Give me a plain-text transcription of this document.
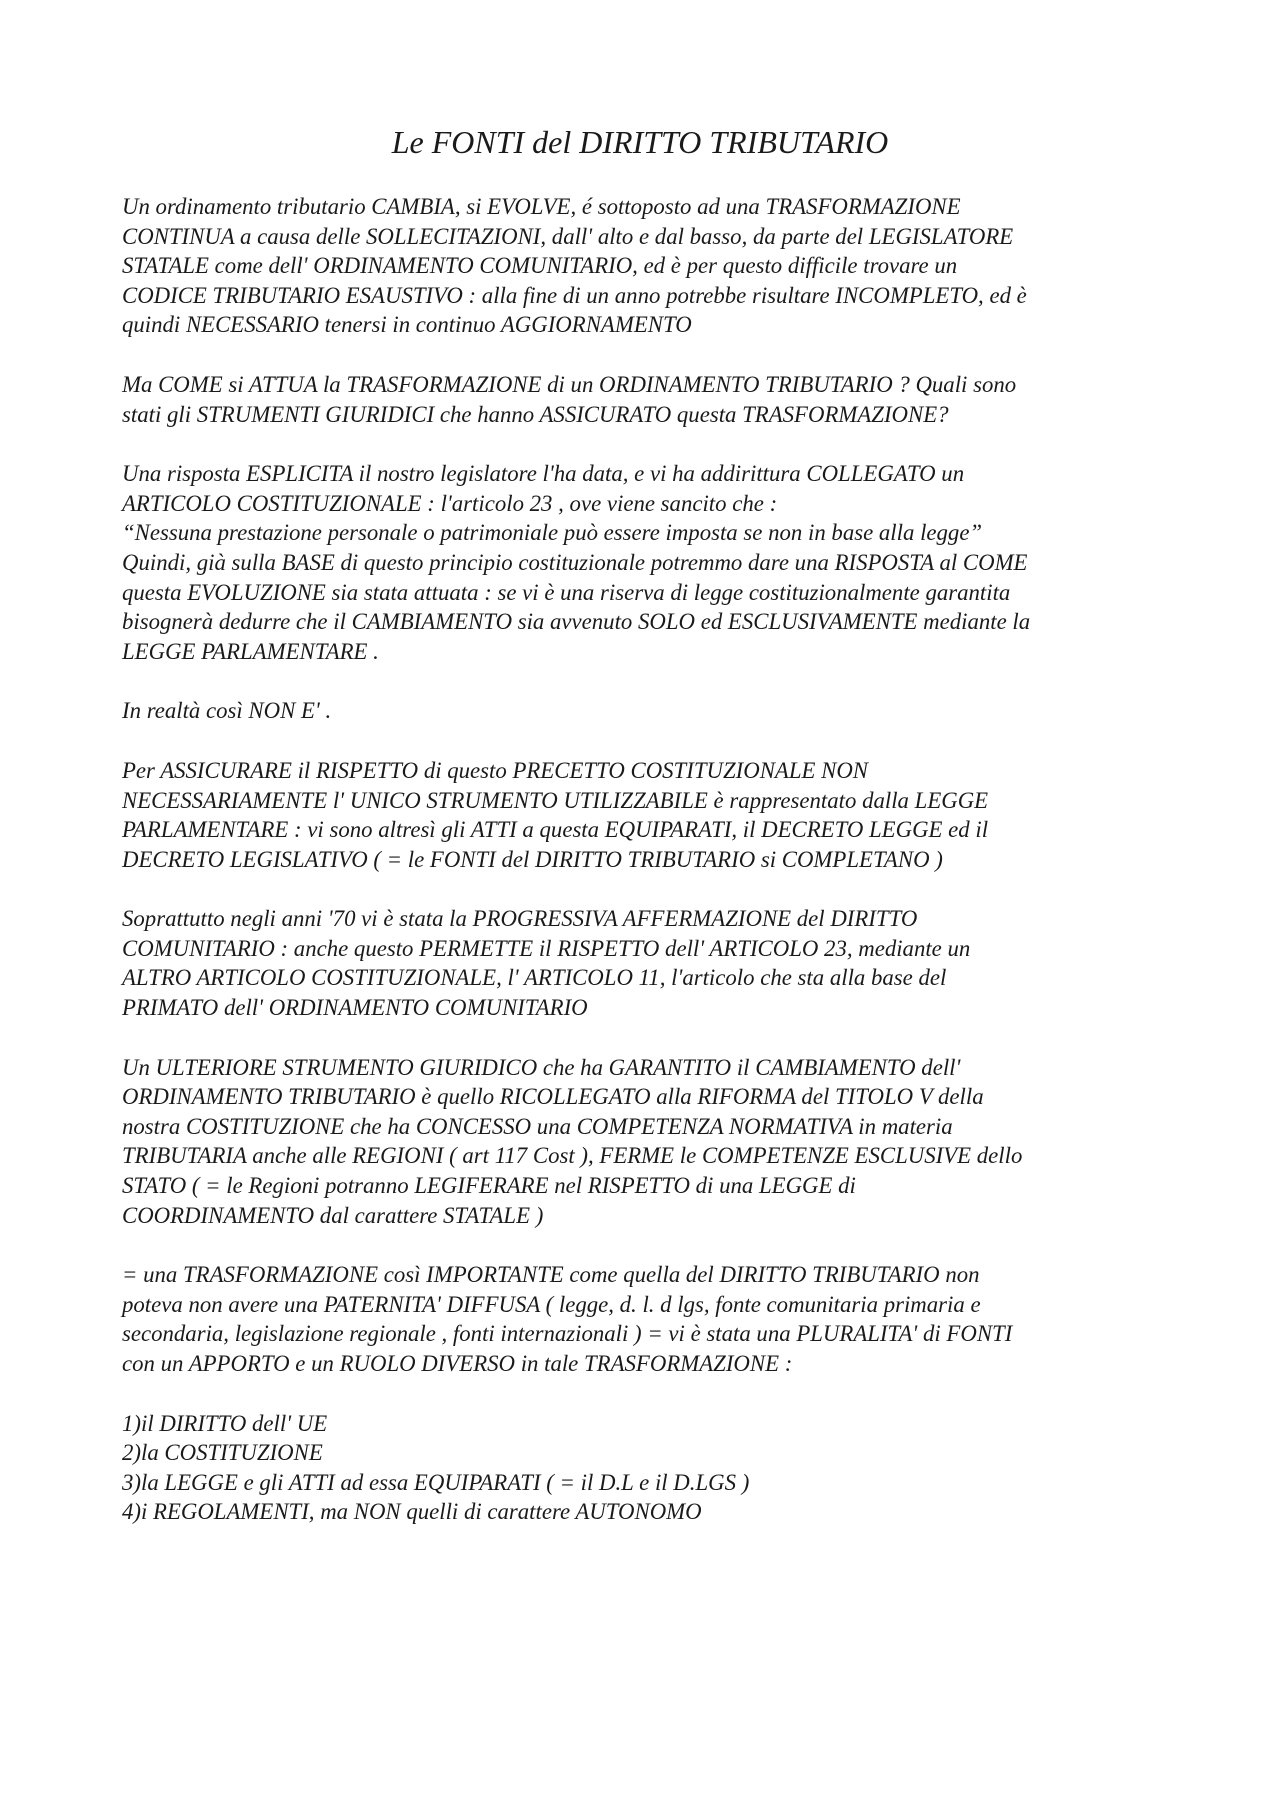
Le FONTI del DIRITTO TRIBUTARIO

Un ordinamento tributario CAMBIA, si EVOLVE, é sottoposto ad una TRASFORMAZIONE
CONTINUA a causa delle SOLLECITAZIONI, dall' alto e dal basso, da parte del LEGISLATORE
STATALE come dell' ORDINAMENTO COMUNITARIO, ed è per questo difficile trovare un
CODICE TRIBUTARIO ESAUSTIVO : alla fine di un anno potrebbe risultare INCOMPLETO, ed è
quindi NECESSARIO tenersi in continuo AGGIORNAMENTO

Ma COME si ATTUA la TRASFORMAZIONE di un ORDINAMENTO TRIBUTARIO ? Quali sono
stati gli STRUMENTI GIURIDICI che hanno ASSICURATO questa TRASFORMAZIONE?

Una risposta ESPLICITA il nostro legislatore l'ha data, e vi ha addirittura COLLEGATO un
ARTICOLO COSTITUZIONALE : l'articolo 23 , ove viene sancito che :
“Nessuna prestazione personale o patrimoniale può essere imposta se non in base alla legge”
Quindi, già sulla BASE di questo principio costituzionale potremmo dare una RISPOSTA al COME
questa EVOLUZIONE sia stata attuata : se vi è una riserva di legge costituzionalmente garantita
bisognerà dedurre che il CAMBIAMENTO sia avvenuto SOLO ed ESCLUSIVAMENTE mediante la
LEGGE PARLAMENTARE .

In realtà così NON E' .

Per ASSICURARE il RISPETTO di questo PRECETTO COSTITUZIONALE NON
NECESSARIAMENTE l' UNICO STRUMENTO UTILIZZABILE è rappresentato dalla LEGGE
PARLAMENTARE : vi sono altresì gli ATTI a questa EQUIPARATI, il DECRETO LEGGE ed il
DECRETO LEGISLATIVO ( = le FONTI del DIRITTO TRIBUTARIO si COMPLETANO )

Soprattutto negli anni '70 vi è stata la PROGRESSIVA AFFERMAZIONE del DIRITTO
COMUNITARIO : anche questo PERMETTE il RISPETTO dell' ARTICOLO 23, mediante un
ALTRO ARTICOLO COSTITUZIONALE, l' ARTICOLO 11, l'articolo che sta alla base del
PRIMATO dell' ORDINAMENTO COMUNITARIO

Un ULTERIORE STRUMENTO GIURIDICO che ha GARANTITO il CAMBIAMENTO dell'
ORDINAMENTO TRIBUTARIO è quello RICOLLEGATO alla RIFORMA del TITOLO V della
nostra COSTITUZIONE che ha CONCESSO una COMPETENZA NORMATIVA in materia
TRIBUTARIA anche alle REGIONI ( art 117 Cost ), FERME le COMPETENZE ESCLUSIVE dello
STATO ( = le Regioni potranno LEGIFERARE nel RISPETTO di una LEGGE di
COORDINAMENTO dal carattere STATALE )

= una TRASFORMAZIONE così IMPORTANTE come quella del DIRITTO TRIBUTARIO non
poteva non avere una PATERNITA' DIFFUSA ( legge, d. l. d lgs, fonte comunitaria primaria e
secondaria, legislazione regionale , fonti internazionali ) = vi è stata una PLURALITA' di FONTI
con un APPORTO e un RUOLO DIVERSO in tale TRASFORMAZIONE :

1)il DIRITTO dell' UE
2)la COSTITUZIONE
3)la LEGGE e gli ATTI ad essa EQUIPARATI ( = il D.L e il D.LGS )
4)i REGOLAMENTI, ma NON quelli di carattere AUTONOMO
